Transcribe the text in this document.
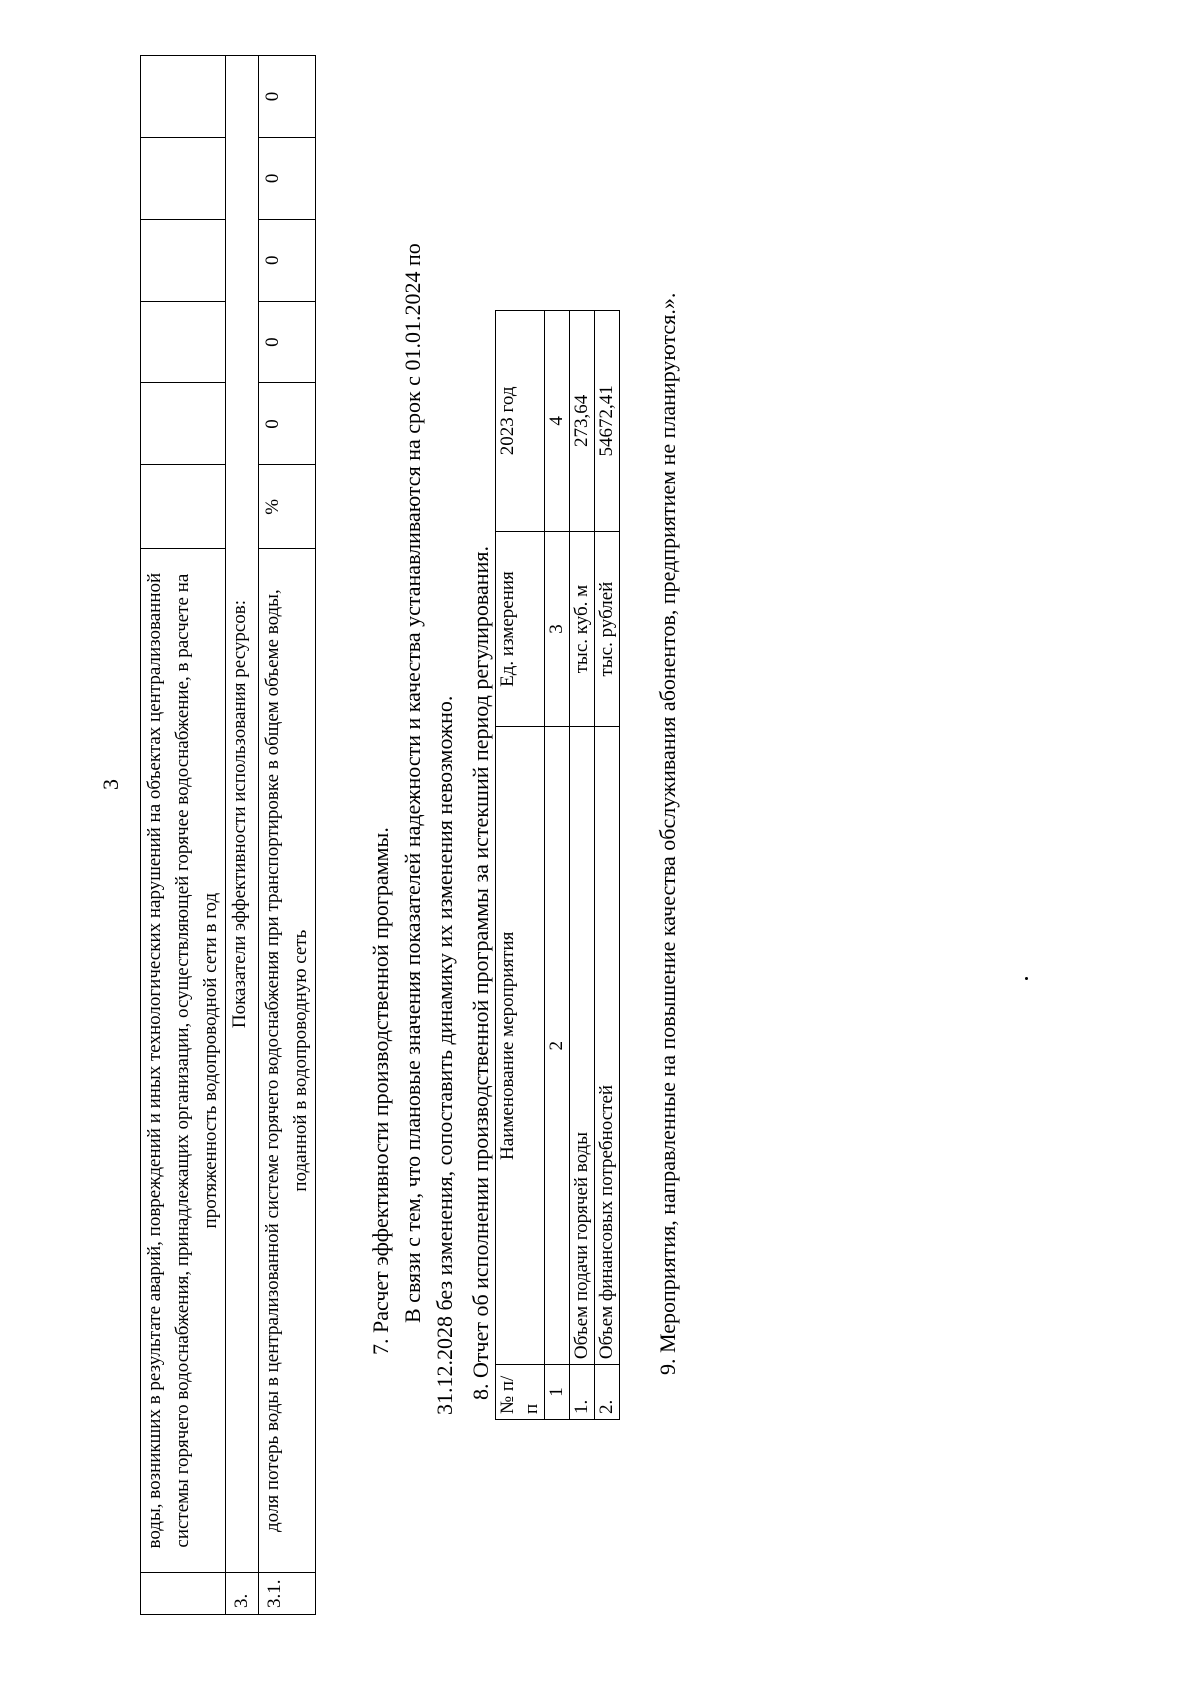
3
	воды, возникших в результате аварий, повреждений и иных технологических нарушений на объектах централизованной системы горячего водоснабжения, принадлежащих организации, осуществляющей горячее водоснабжение, в расчете на протяженность водопроводной сети в год						
3.	Показатели эффективности использования ресурсов:						
3.1.	доля потерь воды в централизованной системе горячего водоснабжения при транспортировке в общем объеме воды, поданной в водопроводную сеть	%	0	0	0	0	0
7. Расчет эффективности производственной программы. В связи с тем, что плановые значения показателей надежности и качества устанавливаются на срок с 01.01.2024 по 31.12.2028 без изменения, сопоставить динамику их изменения невозможно. 8. Отчет об исполнении производственной программы за истекший период регулирования. № п/п	Наименование мероприятия	Ед. измерения	2023 год
1	2	3	4
1.	Объем подачи горячей воды	тыс. куб. м	273,64
2.	Объем финансовых потребностей	тыс. рублей	54672,41 9. Мероприятия, направленные на повышение качества обслуживания абонентов, предприятием не планируются.».
